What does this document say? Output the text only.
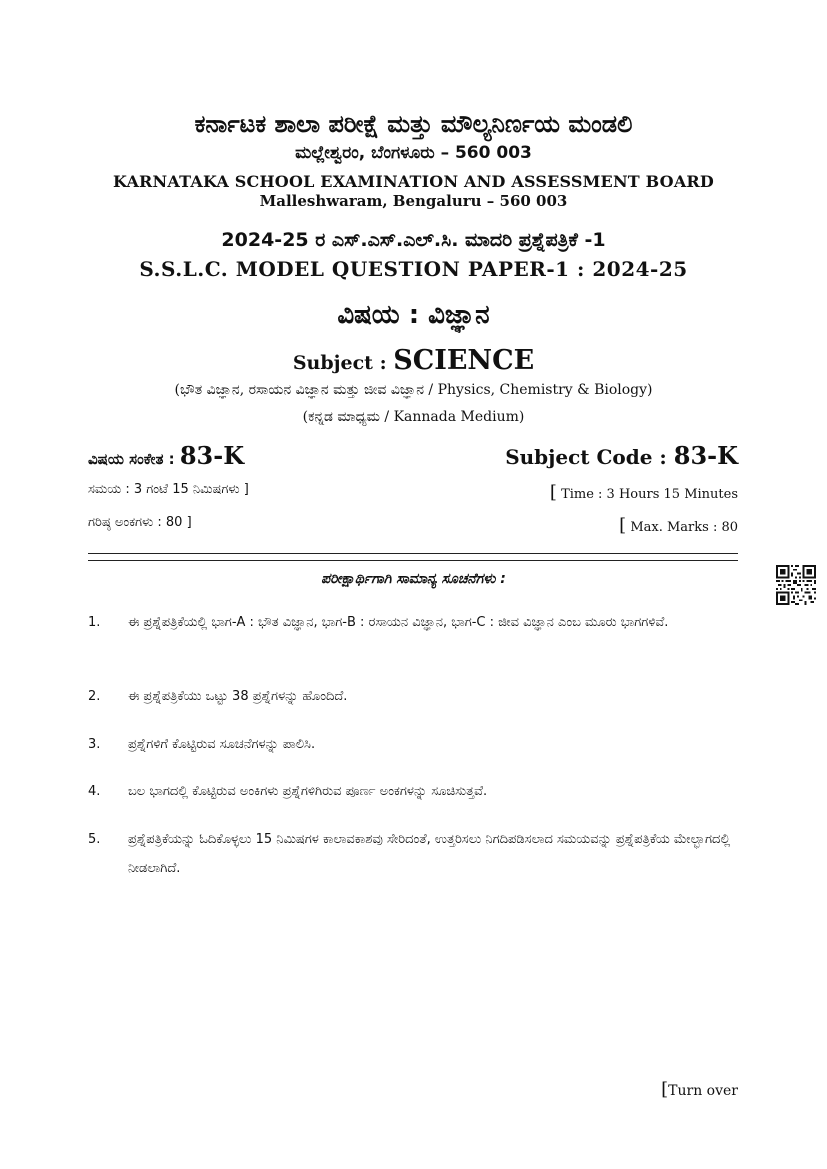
ಕರ್ನಾಟಕ ಶಾಲಾ ಪರೀಕ್ಷೆ ಮತ್ತು ಮೌಲ್ಯನಿರ್ಣಯ ಮಂಡಲಿ
ಮಲ್ಲೇಶ್ವರಂ, ಬೆಂಗಳೂರು – 560 003
KARNATAKA SCHOOL EXAMINATION AND ASSESSMENT BOARD
Malleshwaram, Bengaluru – 560 003
2024-25 ರ ಎಸ್.ಎಸ್.ಎಲ್.ಸಿ. ಮಾದರಿ ಪ್ರಶ್ನೆಪತ್ರಿಕೆ -1
S.S.L.C. MODEL QUESTION PAPER-1 : 2024-25
ವಿಷಯ : ವಿಜ್ಞಾನ
Subject : SCIENCE
(ಭೌತ ವಿಜ್ಞಾನ, ರಸಾಯನ ವಿಜ್ಞಾನ ಮತ್ತು ಜೀವ ವಿಜ್ಞಾನ / Physics, Chemistry & Biology)
(ಕನ್ನಡ ಮಾಧ್ಯಮ / Kannada Medium)
ವಿಷಯ ಸಂಕೇತ : 83-K	Subject Code : 83-K
ಸಮಯ : 3 ಗಂಟೆ 15 ನಿಮಿಷಗಳು ]	[ Time : 3 Hours 15 Minutes
ಗರಿಷ್ಠ ಅಂಕಗಳು : 80 ]	[ Max. Marks : 80
ಪರೀಕ್ಷಾರ್ಥಿಗಾಗಿ ಸಾಮಾನ್ಯ ಸೂಚನೆಗಳು :
1.	ಈ ಪ್ರಶ್ನೆಪತ್ರಿಕೆಯಲ್ಲಿ ಭಾಗ-A : ಭೌತ ವಿಜ್ಞಾನ, ಭಾಗ-B : ರಸಾಯನ ವಿಜ್ಞಾನ, ಭಾಗ-C : ಜೀವ ವಿಜ್ಞಾನ ಎಂಬ ಮೂರು ಭಾಗಗಳಿವೆ.
2.	ಈ ಪ್ರಶ್ನೆಪತ್ರಿಕೆಯು ಒಟ್ಟು 38 ಪ್ರಶ್ನೆಗಳನ್ನು ಹೊಂದಿದೆ.
3.	ಪ್ರಶ್ನೆಗಳಿಗೆ ಕೊಟ್ಟಿರುವ ಸೂಚನೆಗಳನ್ನು ಪಾಲಿಸಿ.
4.	ಬಲ ಭಾಗದಲ್ಲಿ ಕೊಟ್ಟಿರುವ ಅಂಕಿಗಳು ಪ್ರಶ್ನೆಗಳಿಗಿರುವ ಪೂರ್ಣ ಅಂಕಗಳನ್ನು ಸೂಚಿಸುತ್ತವೆ.
5.	ಪ್ರಶ್ನೆಪತ್ರಿಕೆಯನ್ನು ಓದಿಕೊಳ್ಳಲು 15 ನಿಮಿಷಗಳ ಕಾಲಾವಕಾಶವು ಸೇರಿದಂತೆ, ಉತ್ತರಿಸಲು ನಿಗದಿಪಡಿಸಲಾದ ಸಮಯವನ್ನು ಪ್ರಶ್ನೆಪತ್ರಿಕೆಯ ಮೇಲ್ಭಾಗದಲ್ಲಿ ನೀಡಲಾಗಿದೆ.
[Turn over
